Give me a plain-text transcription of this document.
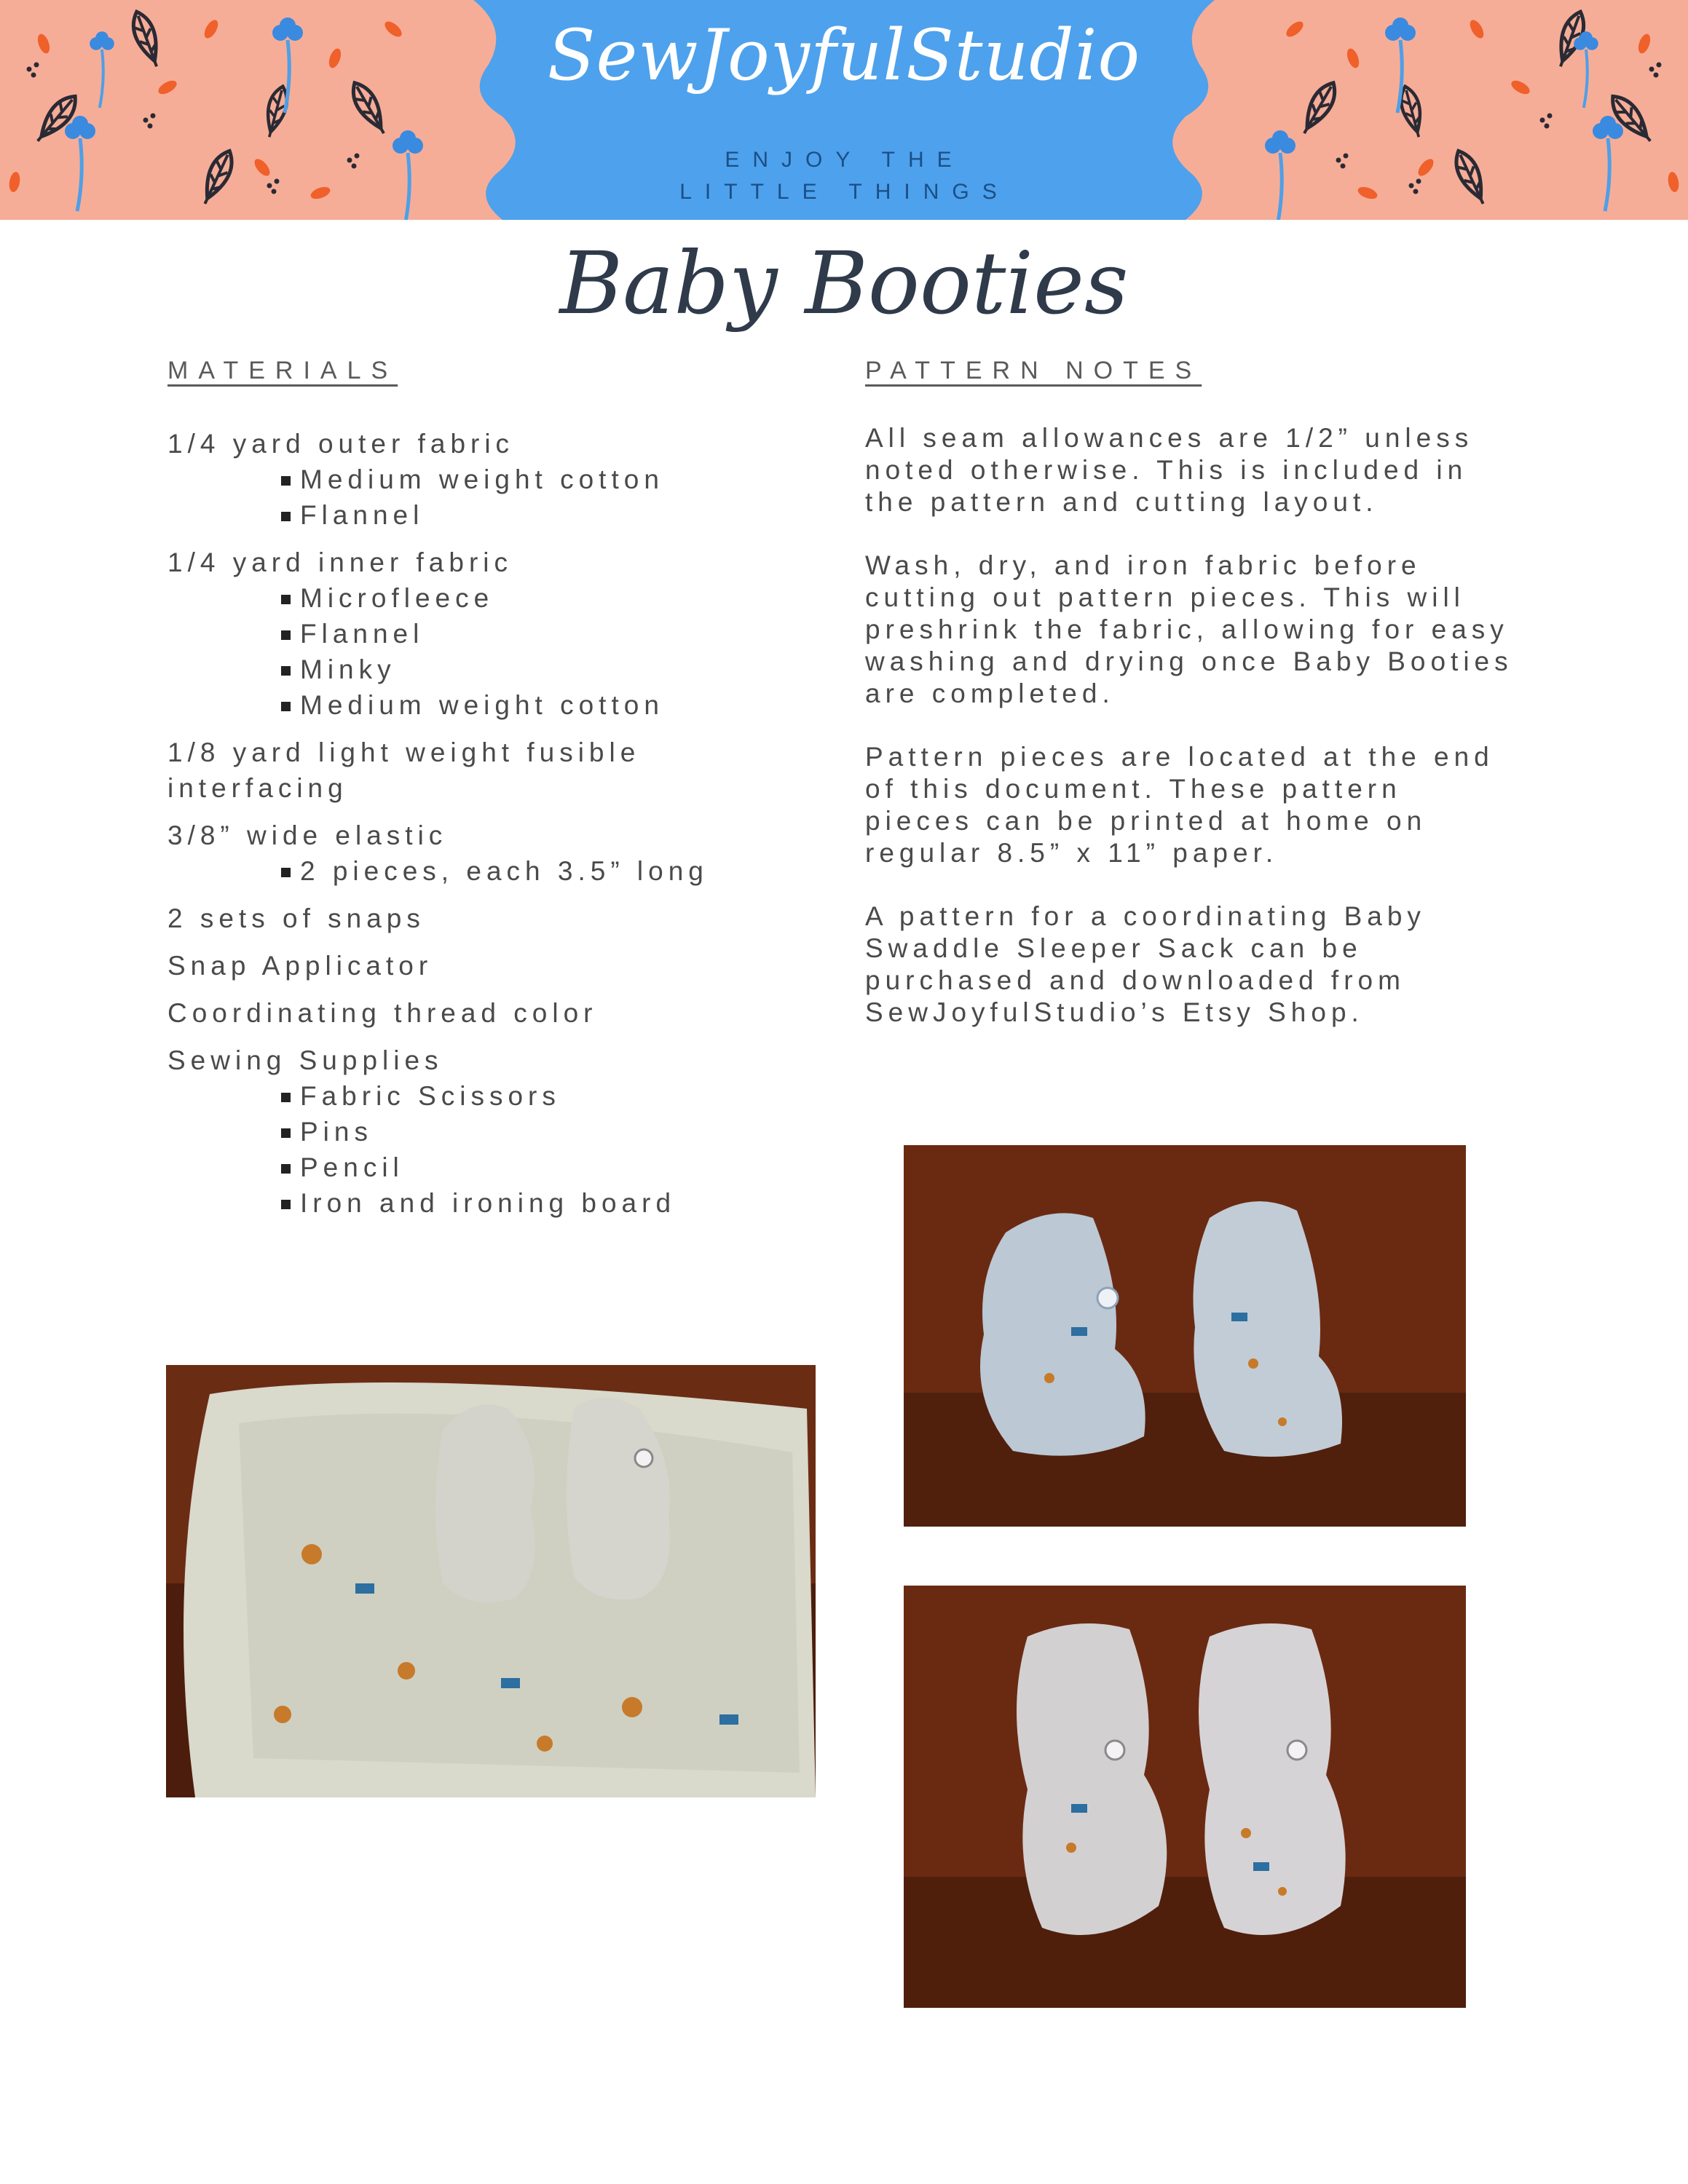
SewJoyfulStudio
ENJOY THE LITTLE THINGS
Baby Booties
MATERIALS
1/4 yard outer fabric
Medium weight cotton
Flannel
1/4 yard inner fabric
Microfleece
Flannel
Minky
Medium weight cotton
1/8 yard light weight fusible interfacing
3/8” wide elastic
2 pieces, each 3.5” long
2 sets of snaps
Snap Applicator
Coordinating thread color
Sewing Supplies
Fabric Scissors
Pins
Pencil
Iron and ironing board
PATTERN NOTES

All seam allowances are 1/2” unless noted otherwise. This is included in the pattern and cutting layout.

Wash, dry, and iron fabric before cutting out pattern pieces. This will preshrink the fabric, allowing for easy washing and drying once Baby Booties are completed.

Pattern pieces are located at the end of this document. These pattern pieces can be printed at home on regular 8.5” x 11” paper.

A pattern for a coordinating Baby Swaddle Sleeper Sack can be purchased and downloaded from SewJoyfulStudio’s Etsy Shop.
